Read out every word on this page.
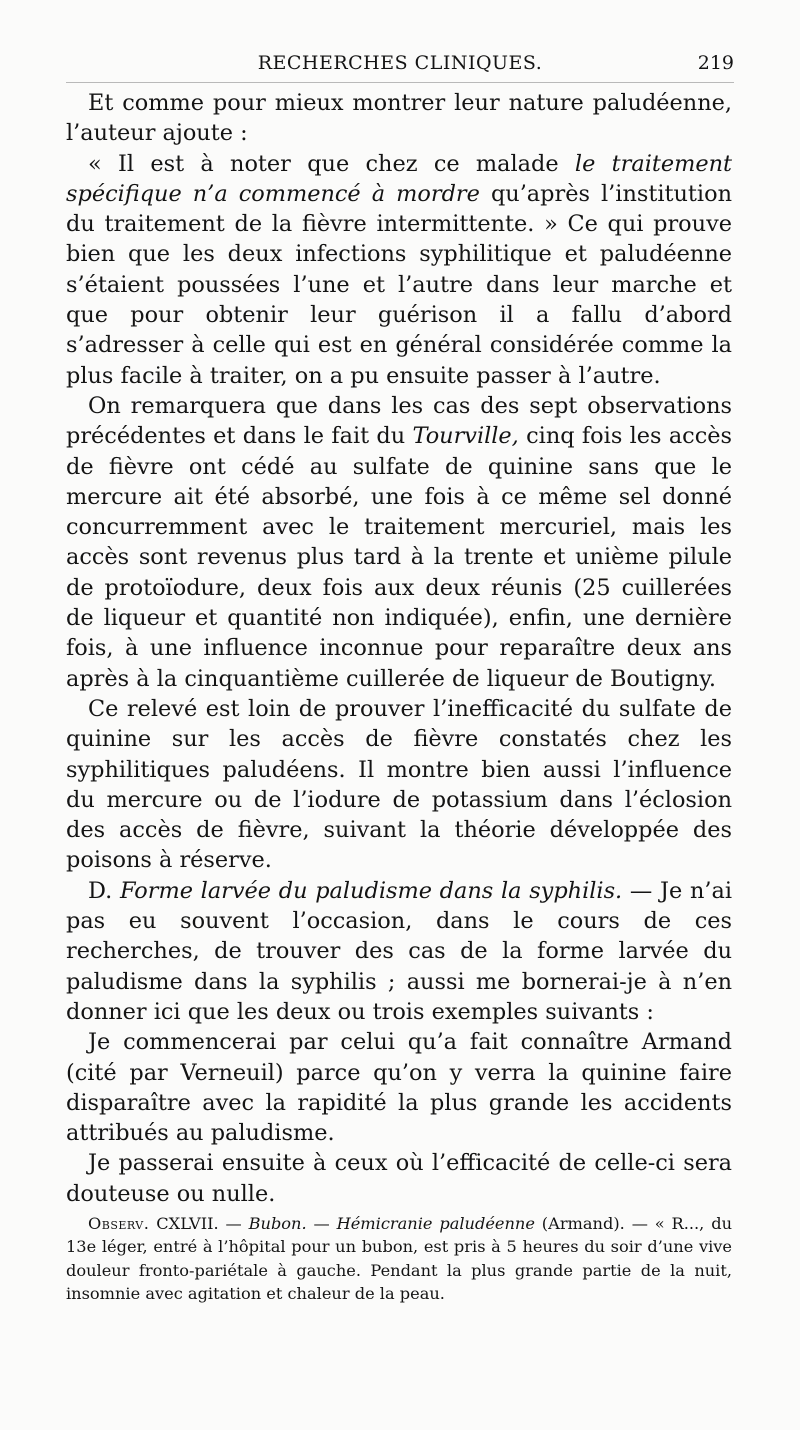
RECHERCHES CLINIQUES.	219

Et comme pour mieux montrer leur nature paludéenne, l’auteur ajoute :

« Il est à noter que chez ce malade le traitement spécifique n’a commencé à mordre qu’après l’institution du traitement de la fièvre intermittente. » Ce qui prouve bien que les deux infections syphilitique et paludéenne s’étaient poussées l’une et l’autre dans leur marche et que pour obtenir leur guérison il a fallu d’abord s’adresser à celle qui est en général considérée comme la plus facile à traiter, on a pu ensuite passer à l’autre.

On remarquera que dans les cas des sept observations précédentes et dans le fait du Tourville, cinq fois les accès de fièvre ont cédé au sulfate de quinine sans que le mercure ait été absorbé, une fois à ce même sel donné concurremment avec le traitement mercuriel, mais les accès sont revenus plus tard à la trente et unième pilule de protoïodure, deux fois aux deux réunis (25 cuillerées de liqueur et quantité non indiquée), enfin, une dernière fois, à une influence inconnue pour reparaître deux ans après à la cinquantième cuillerée de liqueur de Boutigny.

Ce relevé est loin de prouver l’inefficacité du sulfate de quinine sur les accès de fièvre constatés chez les syphilitiques paludéens. Il montre bien aussi l’influence du mercure ou de l’iodure de potassium dans l’éclosion des accès de fièvre, suivant la théorie développée des poisons à réserve.

D. Forme larvée du paludisme dans la syphilis. — Je n’ai pas eu souvent l’occasion, dans le cours de ces recherches, de trouver des cas de la forme larvée du paludisme dans la syphilis ; aussi me bornerai-je à n’en donner ici que les deux ou trois exemples suivants :

Je commencerai par celui qu’a fait connaître Armand (cité par Verneuil) parce qu’on y verra la quinine faire disparaître avec la rapidité la plus grande les accidents attribués au paludisme.

Je passerai ensuite à ceux où l’efficacité de celle-ci sera douteuse ou nulle.

Observ. CXLVII. — Bubon. — Hémicranie paludéenne (Armand). — « R..., du 13e léger, entré à l’hôpital pour un bubon, est pris à 5 heures du soir d’une vive douleur fronto-pariétale à gauche. Pendant la plus grande partie de la nuit, insomnie avec agitation et chaleur de la peau.
